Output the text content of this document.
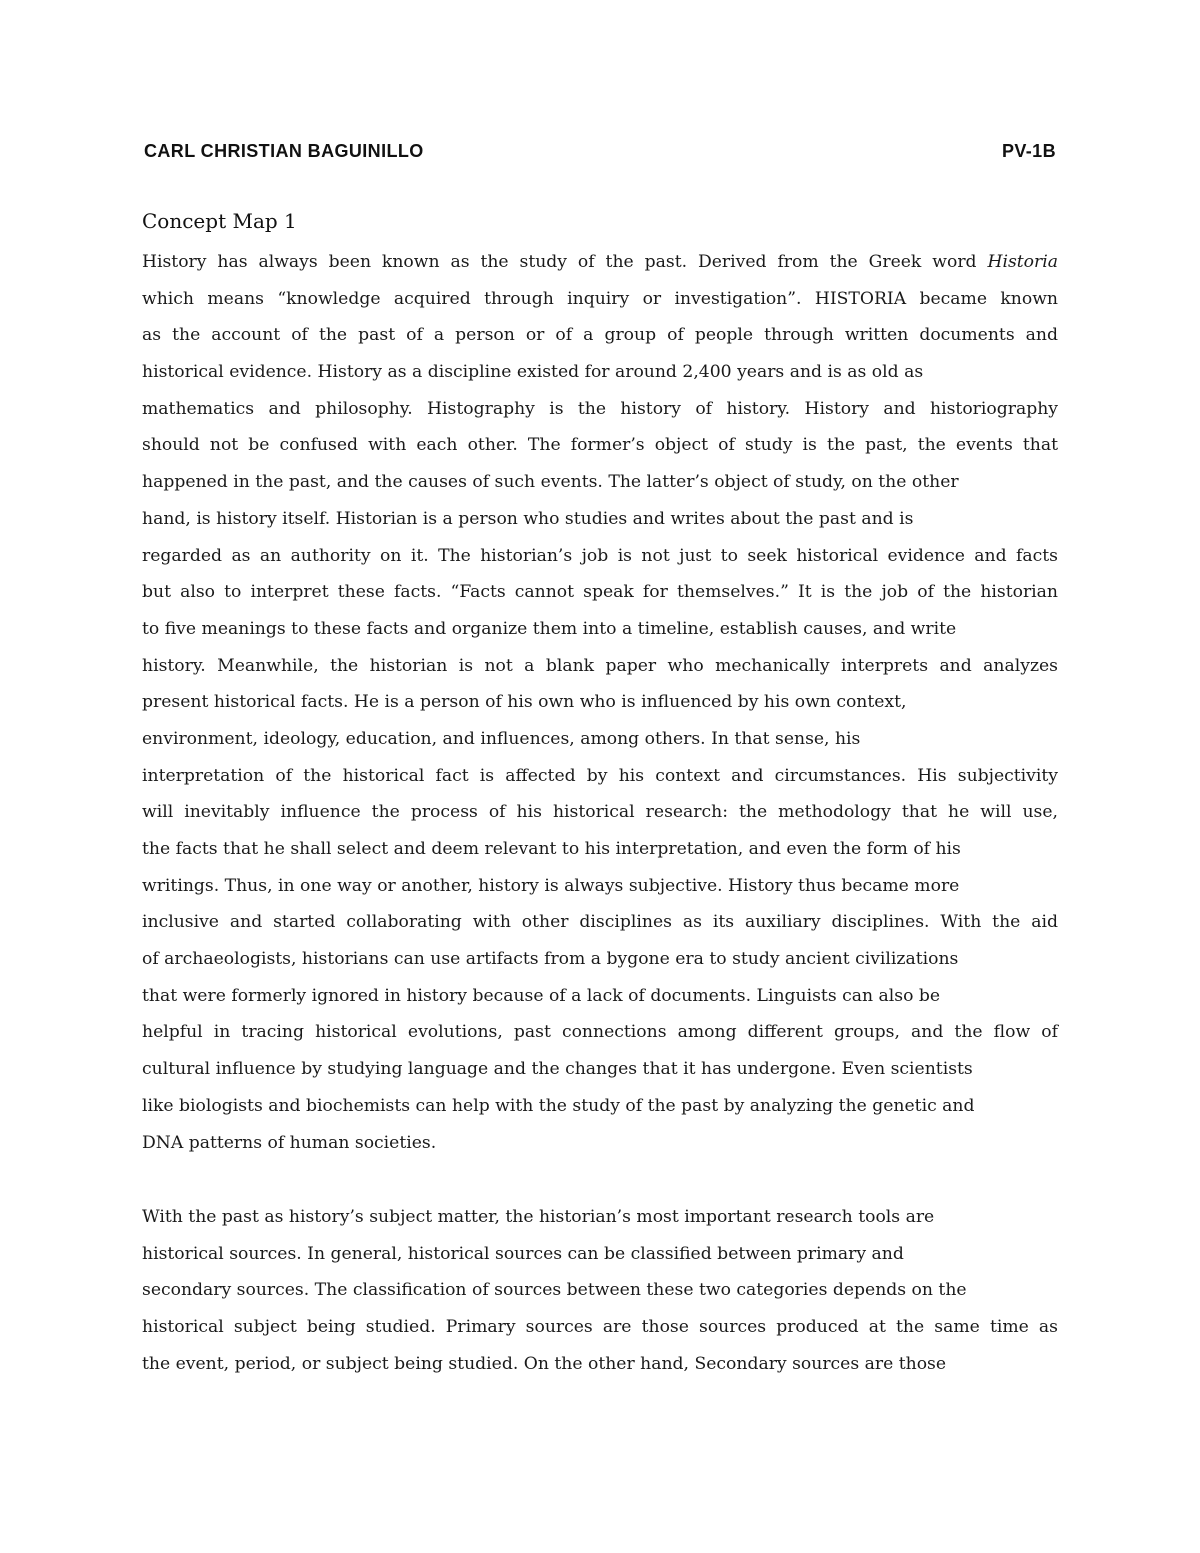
CARL CHRISTIAN BAGUINILLO	PV-1B
Concept Map 1
History has always been known as the study of the past. Derived from the Greek word Historia
which means “knowledge acquired through inquiry or investigation”. HISTORIA became known
as the account of the past of a person or of a group of people through written documents and
historical evidence. History as a discipline existed for around 2,400 years and is as old as
mathematics and philosophy. Histography is the history of history. History and historiography
should not be confused with each other. The former’s object of study is the past, the events that
happened in the past, and the causes of such events. The latter’s object of study, on the other
hand, is history itself. Historian is a person who studies and writes about the past and is
regarded as an authority on it. The historian’s job is not just to seek historical evidence and facts
but also to interpret these facts. “Facts cannot speak for themselves.” It is the job of the historian
to five meanings to these facts and organize them into a timeline, establish causes, and write
history. Meanwhile, the historian is not a blank paper who mechanically interprets and analyzes
present historical facts. He is a person of his own who is influenced by his own context,
environment, ideology, education, and influences, among others. In that sense, his
interpretation of the historical fact is affected by his context and circumstances. His subjectivity
will inevitably influence the process of his historical research: the methodology that he will use,
the facts that he shall select and deem relevant to his interpretation, and even the form of his
writings. Thus, in one way or another, history is always subjective. History thus became more
inclusive and started collaborating with other disciplines as its auxiliary disciplines. With the aid
of archaeologists, historians can use artifacts from a bygone era to study ancient civilizations
that were formerly ignored in history because of a lack of documents. Linguists can also be
helpful in tracing historical evolutions, past connections among different groups, and the flow of
cultural influence by studying language and the changes that it has undergone. Even scientists
like biologists and biochemists can help with the study of the past by analyzing the genetic and
DNA patterns of human societies.
With the past as history’s subject matter, the historian’s most important research tools are
historical sources. In general, historical sources can be classified between primary and
secondary sources. The classification of sources between these two categories depends on the
historical subject being studied. Primary sources are those sources produced at the same time as
the event, period, or subject being studied. On the other hand, Secondary sources are those
